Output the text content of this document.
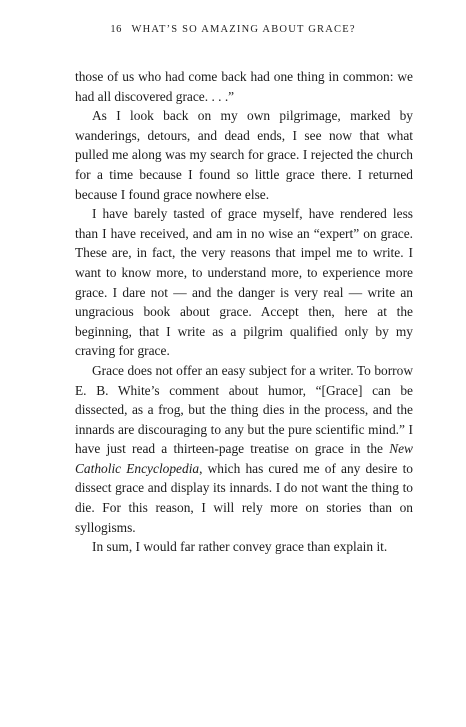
16 WHAT’S SO AMAZING ABOUT GRACE?

those of us who had come back had one thing in common: we had all discovered grace. . . .”

As I look back on my own pilgrimage, marked by wanderings, detours, and dead ends, I see now that what pulled me along was my search for grace. I rejected the church for a time because I found so little grace there. I returned because I found grace nowhere else.

I have barely tasted of grace myself, have rendered less than I have received, and am in no wise an “expert” on grace. These are, in fact, the very reasons that impel me to write. I want to know more, to understand more, to experience more grace. I dare not — and the danger is very real — write an ungracious book about grace. Accept then, here at the beginning, that I write as a pilgrim qualified only by my craving for grace.

Grace does not offer an easy subject for a writer. To borrow E. B. White’s comment about humor, “[Grace] can be dissected, as a frog, but the thing dies in the process, and the innards are discouraging to any but the pure scientific mind.” I have just read a thirteen-page treatise on grace in the New Catholic Encyclopedia, which has cured me of any desire to dissect grace and display its innards. I do not want the thing to die. For this reason, I will rely more on stories than on syllogisms.

In sum, I would far rather convey grace than explain it.
